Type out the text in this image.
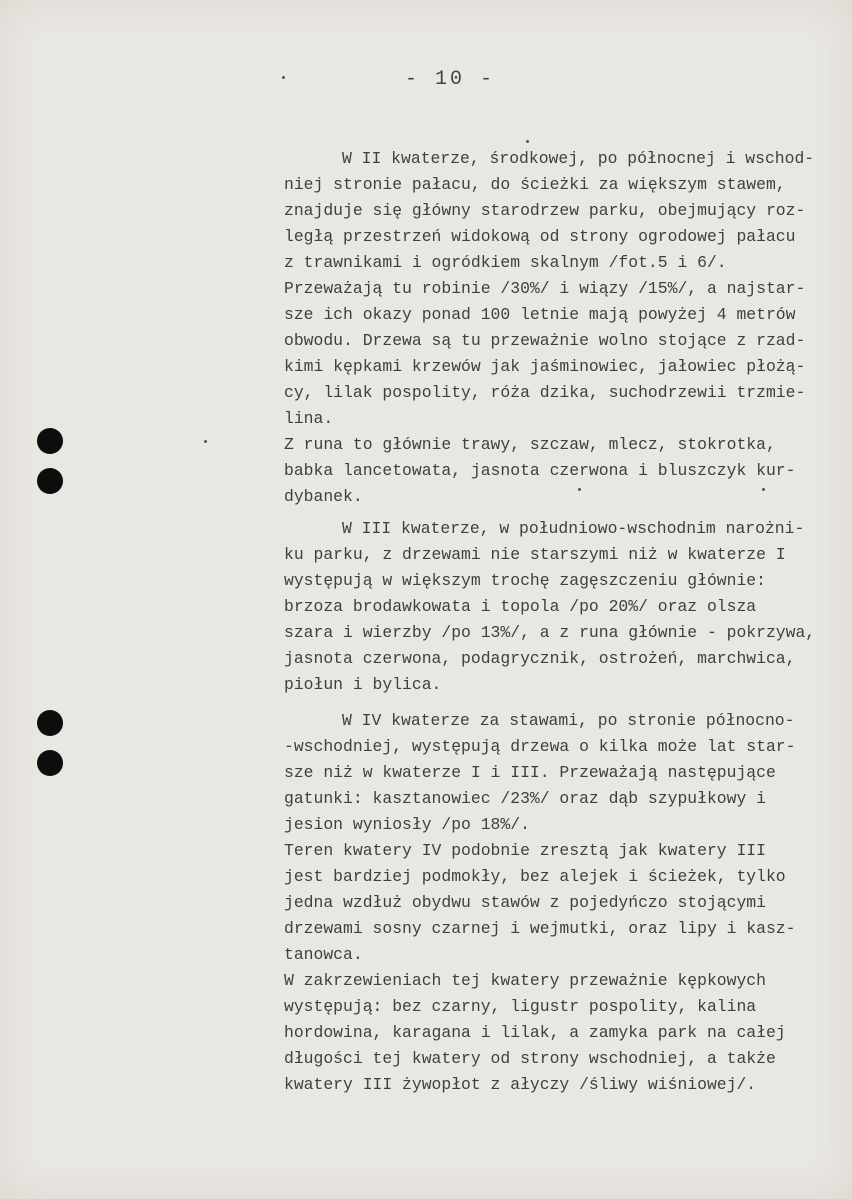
- 10 -
W II kwaterze, środkowej, po północnej i wschod-
niej stronie pałacu, do ścieżki za większym stawem,
znajduje się główny starodrzew parku, obejmujący roz-
ległą przestrzeń widokową od strony ogrodowej pałacu
z trawnikami i ogródkiem skalnym /fot.5 i 6/.
Przeważają tu robinie /30%/ i wiązy /15%/, a najstar-
sze ich okazy ponad 100 letnie mają powyżej 4 metrów
obwodu. Drzewa są tu przeważnie wolno stojące z rzad-
kimi kępkami krzewów jak jaśminowiec, jałowiec płożą-
cy, lilak pospolity, róża dzika, suchodrzewii trzmie-
lina.
Z runa to głównie trawy, szczaw, mlecz, stokrotka,
babka lancetowata, jasnota czerwona i bluszczyk kur-
dybanek.
W III kwaterze, w południowo-wschodnim narożni-
ku parku, z drzewami nie starszymi niż w kwaterze I
występują w większym trochę zagęszczeniu głównie:
brzoza brodawkowata i topola /po 20%/ oraz olsza
szara i wierzby /po 13%/, a z runa głównie - pokrzywa,
jasnota czerwona, podagrycznik, ostrożeń, marchwica,
piołun i bylica.
W IV kwaterze za stawami, po stronie północno-
-wschodniej, występują drzewa o kilka może lat star-
sze niż w kwaterze I i III. Przeważają następujące
gatunki: kasztanowiec /23%/ oraz dąb szypułkowy i
jesion wyniosły /po 18%/.
Teren kwatery IV podobnie zresztą jak kwatery III
jest bardziej podmokły, bez alejek i ścieżek, tylko
jedna wzdłuż obydwu stawów z pojedyńczo stojącymi
drzewami sosny czarnej i wejmutki, oraz lipy i kasz-
tanowca.
W zakrzewieniach tej kwatery przeważnie kępkowych
występują: bez czarny, ligustr pospolity, kalina
hordowina, karagana i lilak, a zamyka park na całej
długości tej kwatery od strony wschodniej, a także
kwatery III żywopłot z ałyczy /śliwy wiśniowej/.
